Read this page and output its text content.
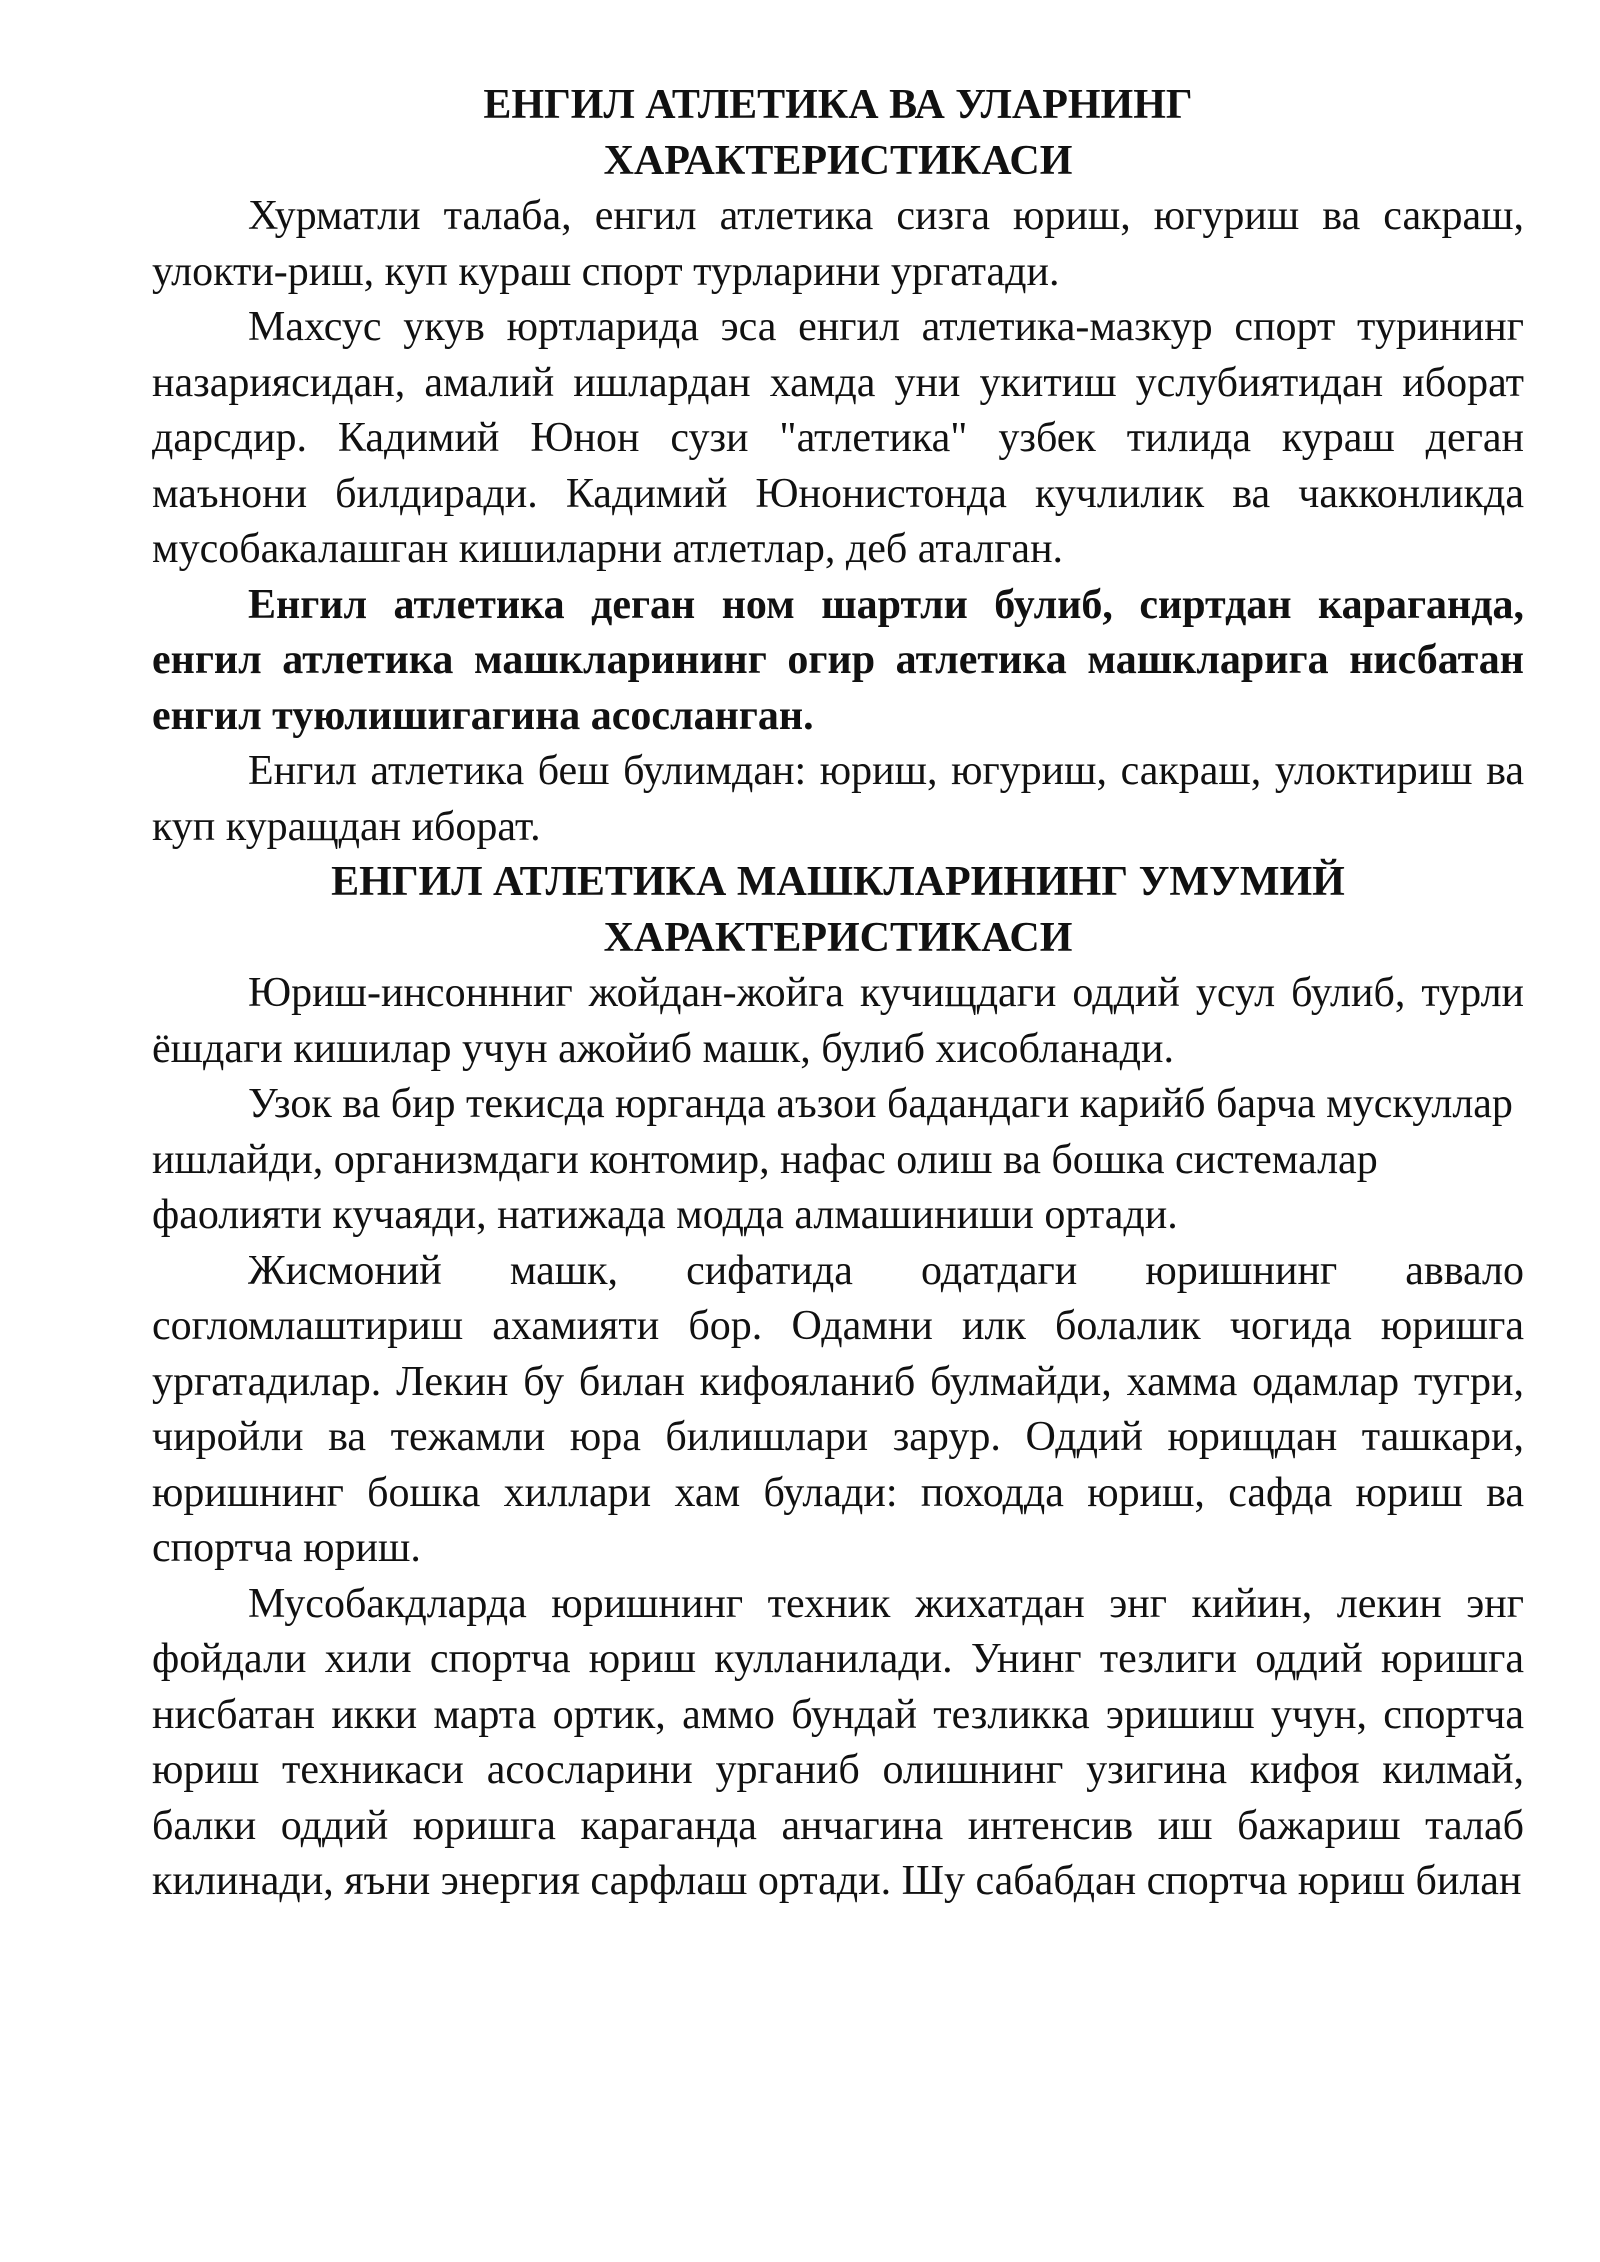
ЕНГИЛ АТЛЕТИКА ВА УЛАРНИНГ
ХАРАКТЕРИСТИКАСИ

Хурматли талаба, енгил атлетика сизга юриш, югуриш ва сакраш, улокти-риш, куп кураш спорт турларини ургатади.

Махсус укув юртларида эса енгил атлетика-мазкур спорт турининг назариясидан, амалий ишлардан хамда уни укитиш услубиятидан иборат дарсдир. Кадимий Юнон сузи "атлетика" узбек тилида кураш деган маънони билдиради. Кадимий Юнонистонда кучлилик ва чакконликда мусобакалашган кишиларни атлетлар, деб аталган.

Енгил атлетика деган ном шартли булиб, сиртдан караганда, енгил атлетика машкларининг огир атлетика машкларига нисбатан енгил туюлишигагина асосланган.

Енгил атлетика беш булимдан: юриш, югуриш, сакраш, улоктириш ва куп куращдан иборат.

ЕНГИЛ АТЛЕТИКА МАШКЛАРИНИНГ УМУМИЙ
ХАРАКТЕРИСТИКАСИ

Юриш-инсоннниг жойдан-жойга кучищдаги оддий усул булиб, турли ёшдаги кишилар учун ажойиб машк, булиб хисобланади.

Узок ва бир текисда юрганда аъзои бадандаги карийб барча мускуллар ишлайди, организмдаги контомир, нафас олиш ва бошка системалар фаолияти кучаяди, натижада модда алмашиниши ортади.

Жисмоний машк, сифатида одатдаги юришнинг аввало согломлаштириш ахамияти бор. Одамни илк болалик чогида юришга ургатадилар. Лекин бу билан кифояланиб булмайди, хамма одамлар тугри, чиройли ва тежамли юра билишлари зарур. Оддий юрищдан ташкари, юришнинг бошка хиллари хам булади: походда юриш, сафда юриш ва спортча юриш.

Мусобакдларда юришнинг техник жихатдан энг кийин, лекин энг фойдали хили спортча юриш кулланилади. Унинг тезлиги оддий юришга нисбатан икки марта ортик, аммо бундай тезликка эришиш учун, спортча юриш техникаси асосларини урганиб олишнинг узигина кифоя килмай, балки оддий юришга караганда анчагина интенсив иш бажариш талаб килинади, яъни энергия сарфлаш ортади. Шу сабабдан спортча юриш билан
